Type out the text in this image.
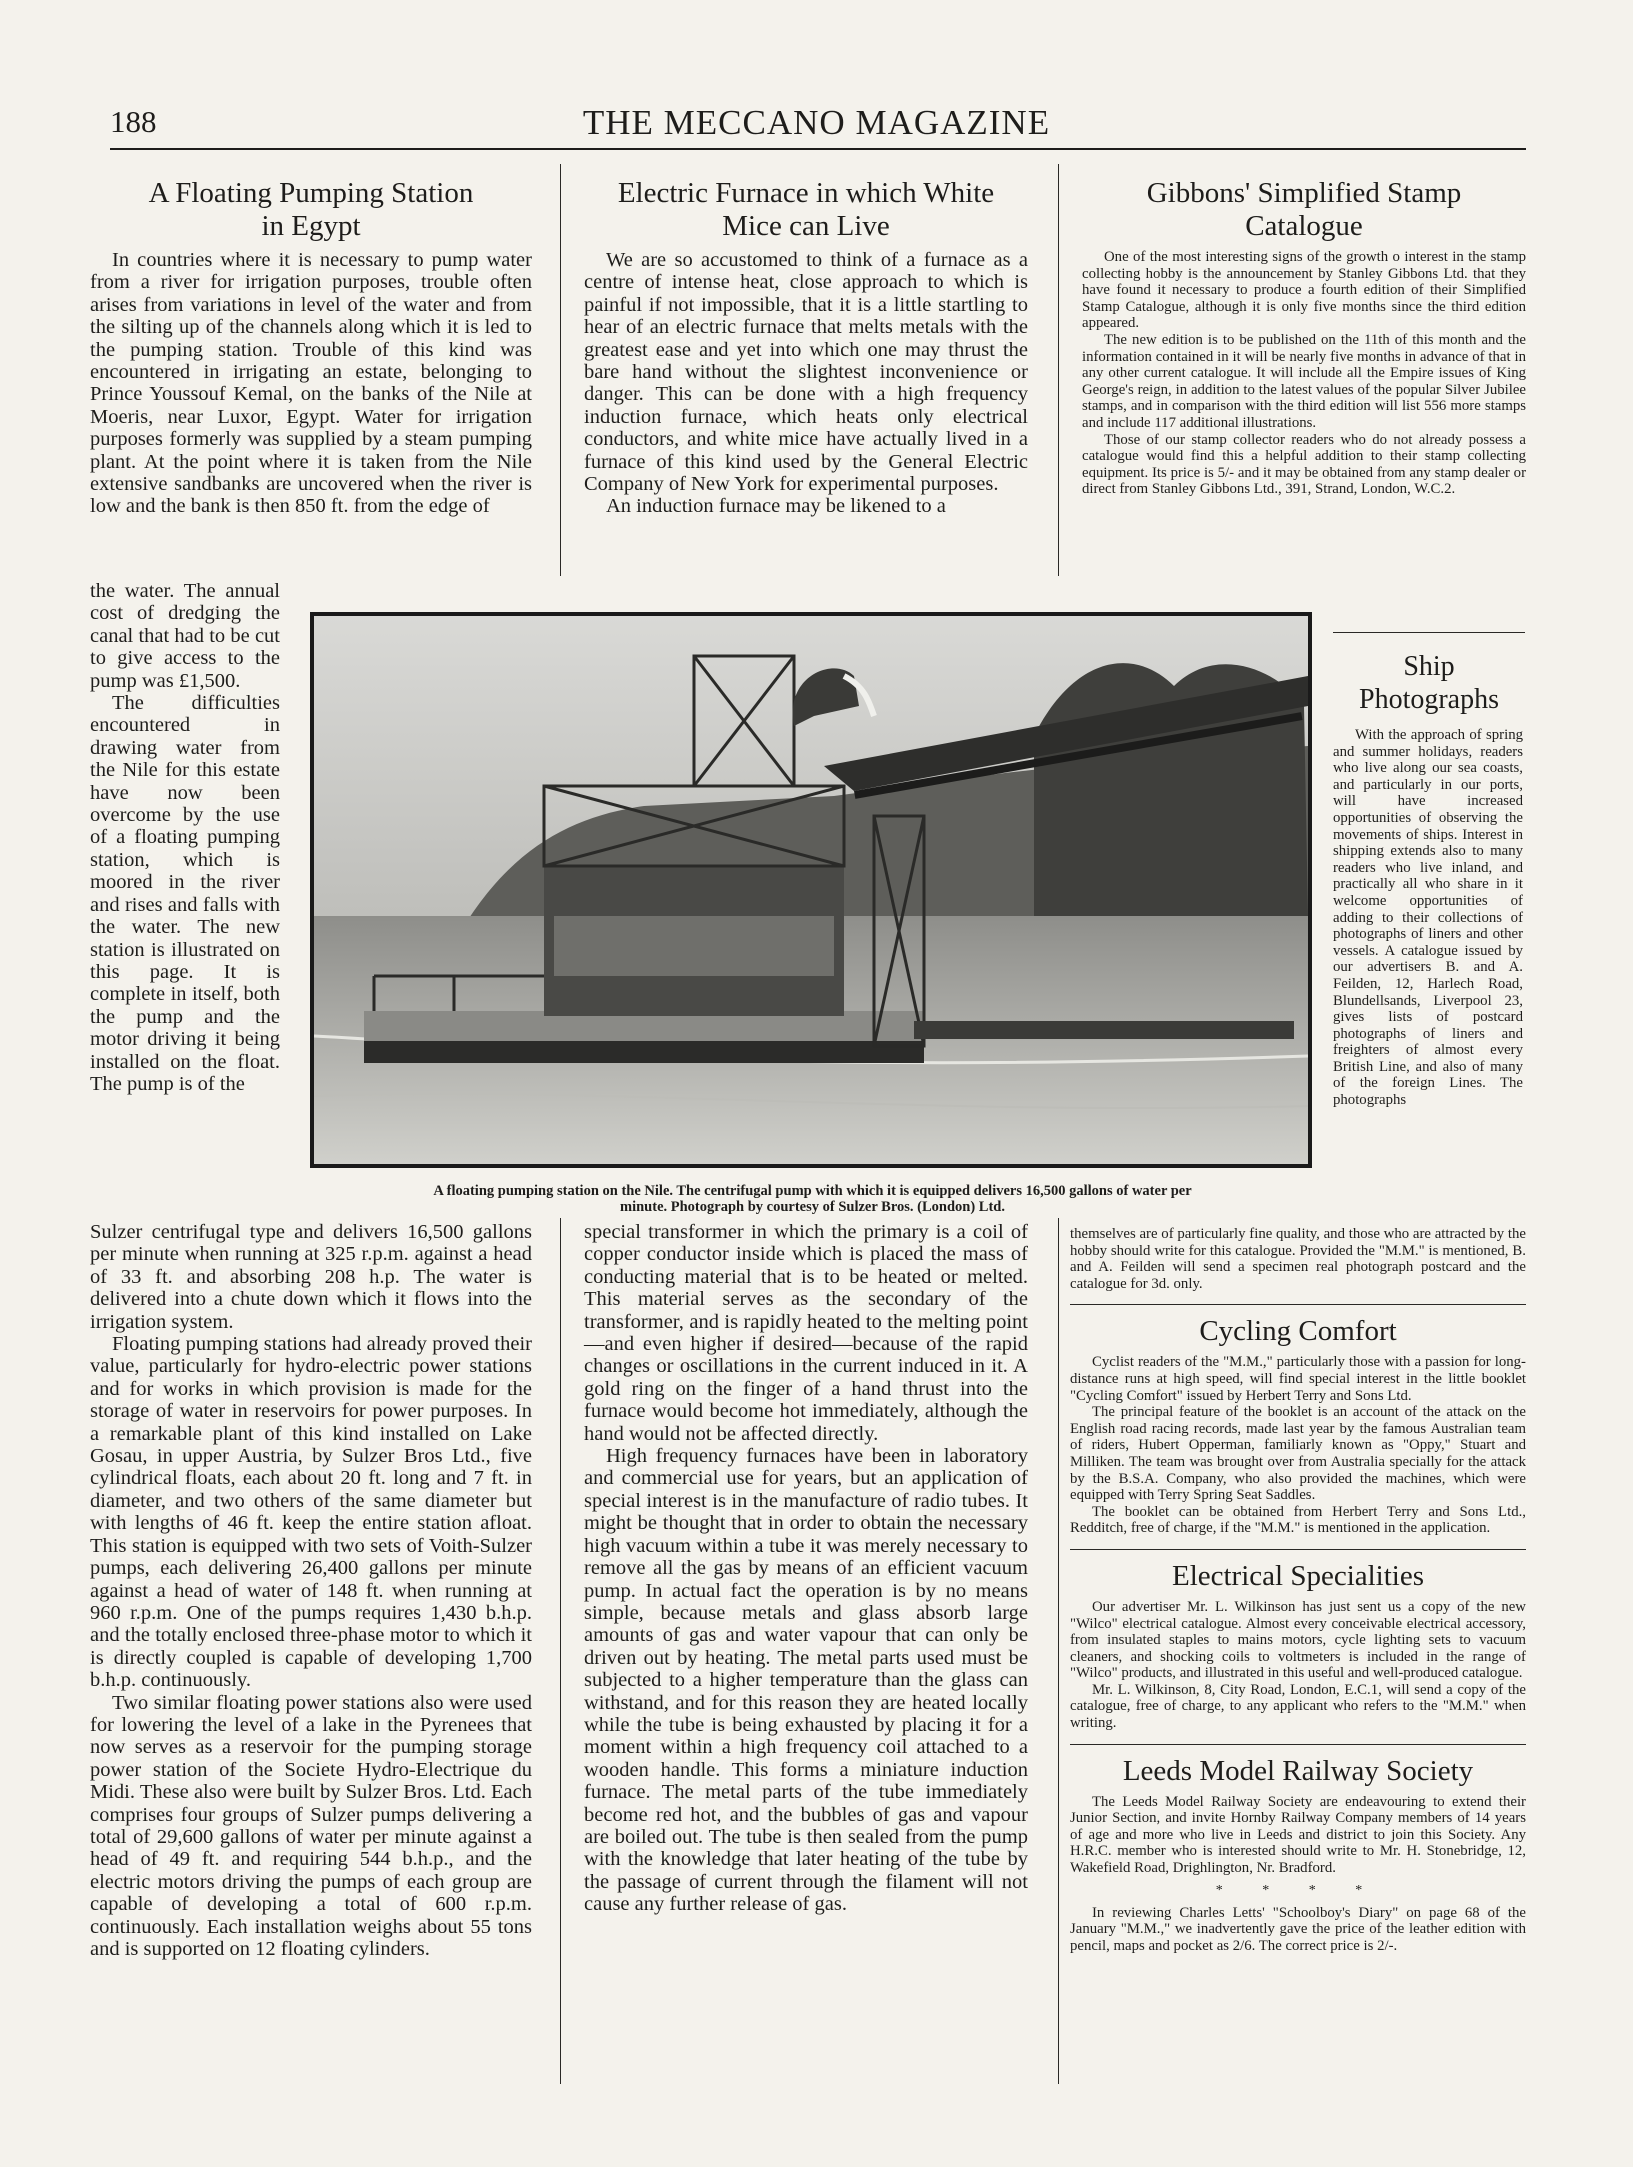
188	THE MECCANO MAGAZINE
A Floating Pumping Station
in Egypt

In countries where it is necessary to pump water from a river for irrigation purposes, trouble often arises from variations in level of the water and from the silting up of the channels along which it is led to the pumping station. Trouble of this kind was encountered in irrigating an estate, belonging to Prince Youssouf Kemal, on the banks of the Nile at Moeris, near Luxor, Egypt. Water for irrigation purposes formerly was supplied by a steam pumping plant. At the point where it is taken from the Nile extensive sandbanks are uncovered when the river is low and the bank is then 850 ft. from the edge of

the water. The annual cost of dredging the canal that had to be cut to give access to the pump was £1,500.

The difficulties encountered in drawing water from the Nile for this estate have now been overcome by the use of a floating pumping station, which is moored in the river and rises and falls with the water. The new station is illustrated on this page. It is complete in itself, both the pump and the motor driving it being installed on the float. The pump is of the

Sulzer centrifugal type and delivers 16,500 gallons per minute when running at 325 r.p.m. against a head of 33 ft. and absorbing 208 h.p. The water is delivered into a chute down which it flows into the irrigation system.

Floating pumping stations had already proved their value, particularly for hydro-electric power stations and for works in which provision is made for the storage of water in reservoirs for power purposes. In a remarkable plant of this kind installed on Lake Gosau, in upper Austria, by Sulzer Bros Ltd., five cylindrical floats, each about 20 ft. long and 7 ft. in diameter, and two others of the same diameter but with lengths of 46 ft. keep the entire station afloat. This station is equipped with two sets of Voith-Sulzer pumps, each delivering 26,400 gallons per minute against a head of water of 148 ft. when running at 960 r.p.m. One of the pumps requires 1,430 b.h.p. and the totally enclosed three-phase motor to which it is directly coupled is capable of developing 1,700 b.h.p. continuously.

Two similar floating power stations also were used for lowering the level of a lake in the Pyrenees that now serves as a reservoir for the pumping storage power station of the Societe Hydro-Electrique du Midi. These also were built by Sulzer Bros. Ltd. Each comprises four groups of Sulzer pumps delivering a total of 29,600 gallons of water per minute against a head of 49 ft. and requiring 544 b.h.p., and the electric motors driving the pumps of each group are capable of developing a total of 600 r.p.m. continuously. Each installation weighs about 55 tons and is supported on 12 floating cylinders.

Electric Furnace in which White
Mice can Live

We are so accustomed to think of a furnace as a centre of intense heat, close approach to which is painful if not impossible, that it is a little startling to hear of an electric furnace that melts metals with the greatest ease and yet into which one may thrust the bare hand without the slightest inconvenience or danger. This can be done with a high frequency induction furnace, which heats only electrical conductors, and white mice have actually lived in a furnace of this kind used by the General Electric Company of New York for experimental purposes.

An induction furnace may be likened to a

special transformer in which the primary is a coil of copper conductor inside which is placed the mass of conducting material that is to be heated or melted. This material serves as the secondary of the transformer, and is rapidly heated to the melting point—and even higher if desired—because of the rapid changes or oscillations in the current induced in it. A gold ring on the finger of a hand thrust into the furnace would become hot immediately, although the hand would not be affected directly.

High frequency furnaces have been in laboratory and commercial use for years, but an application of special interest is in the manufacture of radio tubes. It might be thought that in order to obtain the necessary high vacuum within a tube it was merely necessary to remove all the gas by means of an efficient vacuum pump. In actual fact the operation is by no means simple, because metals and glass absorb large amounts of gas and water vapour that can only be driven out by heating. The metal parts used must be subjected to a higher temperature than the glass can withstand, and for this reason they are heated locally while the tube is being exhausted by placing it for a moment within a high frequency coil attached to a wooden handle. This forms a miniature induction furnace. The metal parts of the tube immediately become red hot, and the bubbles of gas and vapour are boiled out. The tube is then sealed from the pump with the knowledge that later heating of the tube by the passage of current through the filament will not cause any further release of gas.

Gibbons' Simplified Stamp
Catalogue

One of the most interesting signs of the growth o interest in the stamp collecting hobby is the announcement by Stanley Gibbons Ltd. that they have found it necessary to produce a fourth edition of their Simplified Stamp Catalogue, although it is only five months since the third edition appeared.

The new edition is to be published on the 11th of this month and the information contained in it will be nearly five months in advance of that in any other current catalogue. It will include all the Empire issues of King George's reign, in addition to the latest values of the popular Silver Jubilee stamps, and in comparison with the third edition will list 556 more stamps and include 117 additional illustrations.

Those of our stamp collector readers who do not already possess a catalogue would find this a helpful addition to their stamp collecting equipment. Its price is 5/- and it may be obtained from any stamp dealer or direct from Stanley Gibbons Ltd., 391, Strand, London, W.C.2.

Ship
Photographs

With the approach of spring and summer holidays, readers who live along our sea coasts, and particularly in our ports, will have increased opportunities of observing the movements of ships. Interest in shipping extends also to many readers who live inland, and practically all who share in it welcome opportunities of adding to their collections of photographs of liners and other vessels. A catalogue issued by our advertisers B. and A. Feilden, 12, Harlech Road, Blundellsands, Liverpool 23, gives lists of postcard photographs of liners and freighters of almost every British Line, and also of many of the foreign Lines. The photographs

themselves are of particularly fine quality, and those who are attracted by the hobby should write for this catalogue. Provided the "M.M." is mentioned, B. and A. Feilden will send a specimen real photograph postcard and the catalogue for 3d. only.

Cycling Comfort

Cyclist readers of the "M.M.," particularly those with a passion for long-distance runs at high speed, will find special interest in the little booklet "Cycling Comfort" issued by Herbert Terry and Sons Ltd.

The principal feature of the booklet is an account of the attack on the English road racing records, made last year by the famous Australian team of riders, Hubert Opperman, familiarly known as "Oppy," Stuart and Milliken. The team was brought over from Australia specially for the attack by the B.S.A. Company, who also provided the machines, which were equipped with Terry Spring Seat Saddles.

The booklet can be obtained from Herbert Terry and Sons Ltd., Redditch, free of charge, if the "M.M." is mentioned in the application.

Electrical Specialities

Our advertiser Mr. L. Wilkinson has just sent us a copy of the new "Wilco" electrical catalogue. Almost every conceivable electrical accessory, from insulated staples to mains motors, cycle lighting sets to vacuum cleaners, and shocking coils to voltmeters is included in the range of "Wilco" products, and illustrated in this useful and well-produced catalogue.

Mr. L. Wilkinson, 8, City Road, London, E.C.1, will send a copy of the catalogue, free of charge, to any applicant who refers to the "M.M." when writing.

Leeds Model Railway Society

The Leeds Model Railway Society are endeavouring to extend their Junior Section, and invite Hornby Railway Company members of 14 years of age and more who live in Leeds and district to join this Society. Any H.R.C. member who is interested should write to Mr. H. Stonebridge, 12, Wakefield Road, Drighlington, Nr. Bradford.

* * * *

In reviewing Charles Letts' "Schoolboy's Diary" on page 68 of the January "M.M.," we inadvertently gave the price of the leather edition with pencil, maps and pocket as 2/6. The correct price is 2/-.

A floating pumping station on the Nile. The centrifugal pump with which it is equipped delivers 16,500 gallons of water per
minute. Photograph by courtesy of Sulzer Bros. (London) Ltd.
